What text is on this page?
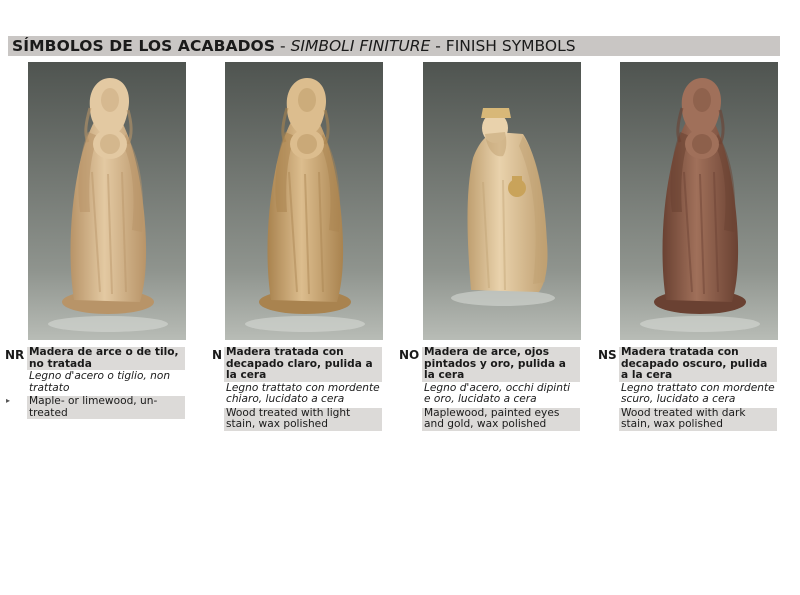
SÍMBOLOS DE LOS ACABADOS - SIMBOLI FINITURE - FINISH SYMBOLS
NR Madera de arce o de tilo, no tratada
Legno d'acero o tiglio, non trattato
Maple- or limewood, un-treated
▸
N Madera tratada con decapado claro, pulida a la cera
Legno trattato con mordente chiaro, lucidato a cera
Wood treated with light stain, wax polished
NO Madera de arce, ojos pintados y oro, pulida a la cera
Legno d'acero, occhi dipinti e oro, lucidato a cera
Maplewood, painted eyes and gold, wax polished
NS Madera tratada con decapado oscuro, pulida a la cera
Legno trattato con mordente scuro, lucidato a cera
Wood treated with dark stain, wax polished
